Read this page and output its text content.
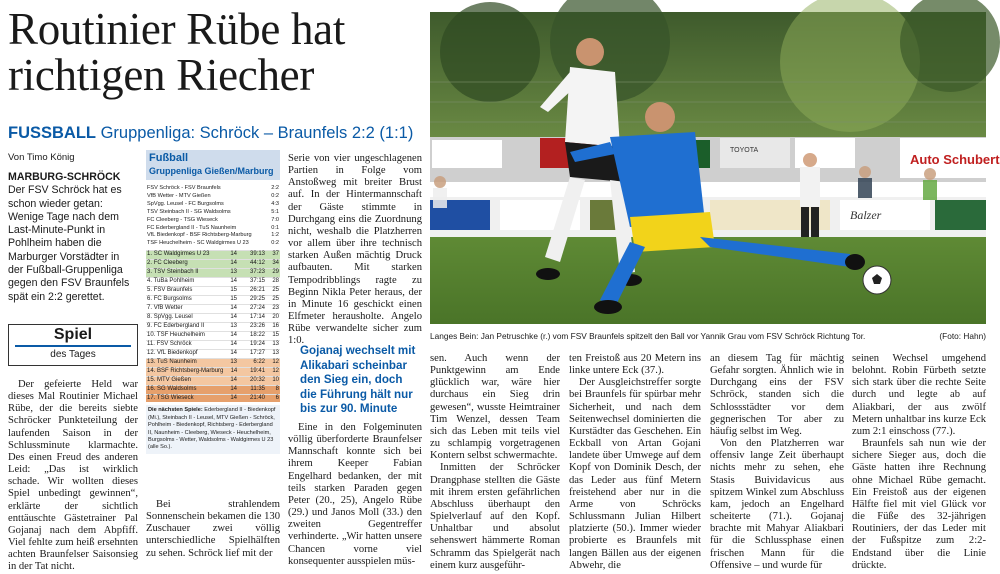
Routinier Rübe hat richtigen Riecher
FUSSBALL Gruppenliga: Schröck – Braunfels 2:2 (1:1)
Von Timo König
MARBURG-SCHRÖCK Der FSV Schröck hat es schon wieder getan: Wenige Tage nach dem Last-Minute-Punkt in Pohlheim haben die Marburger Vorstädter in der Fußball-Gruppenliga gegen den FSV Braunfels spät ein 2:2 gerettet.
Spiel
des Tages

Der gefeierte Held war dieses Mal Routinier Michael Rübe, der die bereits siebte Schröcker Punkteteilung der laufenden Saison in der Schlussminute klarmachte. Des einen Freud des anderen Leid: „Das ist wirklich schade. Wir wollten dieses Spiel unbedingt gewinnen“, erklärte der sichtlich enttäuschte Gästetrainer Pal Gojanaj nach dem Abpfiff. Viel fehlte zum heiß ersehnten achten Braunfelser Saisonsieg in der Tat nicht.

Fußball
Gruppenliga Gießen/Marburg
FSV Schröck - FSV Braunfels	2:2
VfB Wetter - MTV Gießen	0:2
SpVgg. Leusel - FC Burgsolms	4:3
TSV Steinbach II - SG Waldsolms	5:1
FC Cleeberg - TSG Wieseck	7:0
FC Ederbergland II - TuS Naunheim	0:1
VfL Biedenkopf - BSF Richtsberg-Marburg	1:2
TSF Heuchelheim - SC Waldgirmes U 23	0:2
1. SC Waldgirmes U 23	14	39:13	37
2. FC Cleeberg	14	44:12	34
3. TSV Steinbach II	13	37:23	29
4. TuBa Pohlheim	14	37:15	28
5. FSV Braunfels	15	26:21	25
6. FC Burgsolms	15	29:25	25
7. VfB Wetter	14	27:24	23
8. SpVgg. Leusel	14	17:14	20
9. FC Ederbergland II	13	23:26	16
10. TSF Heuchelheim	14	18:22	15
11. FSV Schröck	14	19:24	13
12. VfL Biedenkopf	14	17:27	13
13. TuS Naunheim	13	6:22	12
14. BSF Richtsberg-Marburg	14	19:41	12
15. MTV Gießen	14	20:32	10
16. SG Waldsolms	14	11:35	8
17. TSG Wieseck	14	21:40	6
Die nächsten Spiele: Ederbergland II - Biedenkopf (Mi.), Steinbach II - Leusel, MTV Gießen - Schröck, Pohlheim - Biedenkopf, Richtsberg - Ederbergland II, Naunheim - Cleeberg, Wieseck - Heuchelheim, Burgsolms - Wetter, Waldsolms - Waldgirmes U 23 (alle So.).

Bei strahlendem Sonnenschein bekamen die 130 Zuschauer zwei völlig unterschiedliche Spielhälften zu sehen. Schröck lief mit der

Serie von vier ungeschlagenen Partien in Folge vom Anstoßweg mit breiter Brust auf. In der Hintermannschaft der Gäste stimmte in Durchgang eins die Zuordnung nicht, weshalb die Platzherren vor allem über ihre technisch starken Außen mächtig Druck aufbauten. Mit starken Tempodribblings ragte zu Beginn Nikla Peter heraus, der in Minute 16 geschickt einen Elfmeter herausholte. Angelo Rübe verwandelte sicher zum 1:0.

Gojanaj wechselt mit Alikabari scheinbar den Sieg ein, doch die Führung hält nur bis zur 90. Minute

Eine in den Folgeminuten völlig überforderte Braunfelser Mannschaft konnte sich bei ihrem Keeper Fabian Engelhard bedanken, der mit teils starken Paraden gegen Peter (20., 25), Angelo Rübe (29.) und Janos Moll (33.) den zweiten Gegentreffer verhinderte. „Wir hatten unsere Chancen vorne viel konsequenter ausspielen müs-

Auto Schubert
TOYOTA
Balzer
Langes Bein: Jan Petruschke (r.) vom FSV Braunfels spitzelt den Ball vor Yannik Grau vom FSV Schröck Richtung Tor.	(Foto: Hahn)

sen. Auch wenn der Punktgewinn am Ende glücklich war, wäre hier durchaus ein Sieg drin gewesen“, wusste Heimtrainer Tim Wenzel, dessen Team sich das Leben mit teils viel zu schlampig vorgetragenen Kontern selbst schwermachte.

Inmitten der Schröcker Drangphase stellten die Gäste mit ihrem ersten gefährlichen Abschluss überhaupt den Spielverlauf auf den Kopf. Unhaltbar und absolut sehenswert hämmerte Roman Schramm das Spielgerät nach einem kurz ausgeführ-

ten Freistoß aus 20 Metern ins linke untere Eck (37.).

Der Ausgleichstreffer sorgte bei Braunfels für spürbar mehr Sicherheit, und nach dem Seitenwechsel dominierten die Kurstädter das Geschehen. Ein Eckball von Artan Gojani landete über Umwege auf dem Kopf von Dominik Desch, der das Leder aus fünf Metern freistehend aber nur in die Arme von Schröcks Schlussmann Julian Hilbert platzierte (50.). Immer wieder probierte es Braunfels mit langen Bällen aus der eigenen Abwehr, die

an diesem Tag für mächtig Gefahr sorgten. Ähnlich wie in Durchgang eins der FSV Schröck, standen sich die Schlossstädter vor dem gegnerischen Tor aber zu häufig selbst im Weg.

Von den Platzherren war offensiv lange Zeit überhaupt nichts mehr zu sehen, ehe Stasis Buividavicus aus spitzem Winkel zum Abschluss kam, jedoch an Engelhard scheiterte (71.). Gojanaj brachte mit Mahyar Aliakbari für die Schlussphase einen frischen Mann für die Offensive – und wurde für

seinen Wechsel umgehend belohnt. Robin Fürbeth setzte sich stark über die rechte Seite durch und legte ab auf Aliakbari, der aus zwölf Metern unhaltbar ins kurze Eck zum 2:1 einschoss (77.).

Braunfels sah nun wie der sichere Sieger aus, doch die Gäste hatten ihre Rechnung ohne Michael Rübe gemacht. Ein Freistoß aus der eigenen Hälfte fiel mit viel Glück vor die Füße des 32-jährigen Routiniers, der das Leder mit der Fußspitze zum 2:2-Endstand über die Linie drückte.
